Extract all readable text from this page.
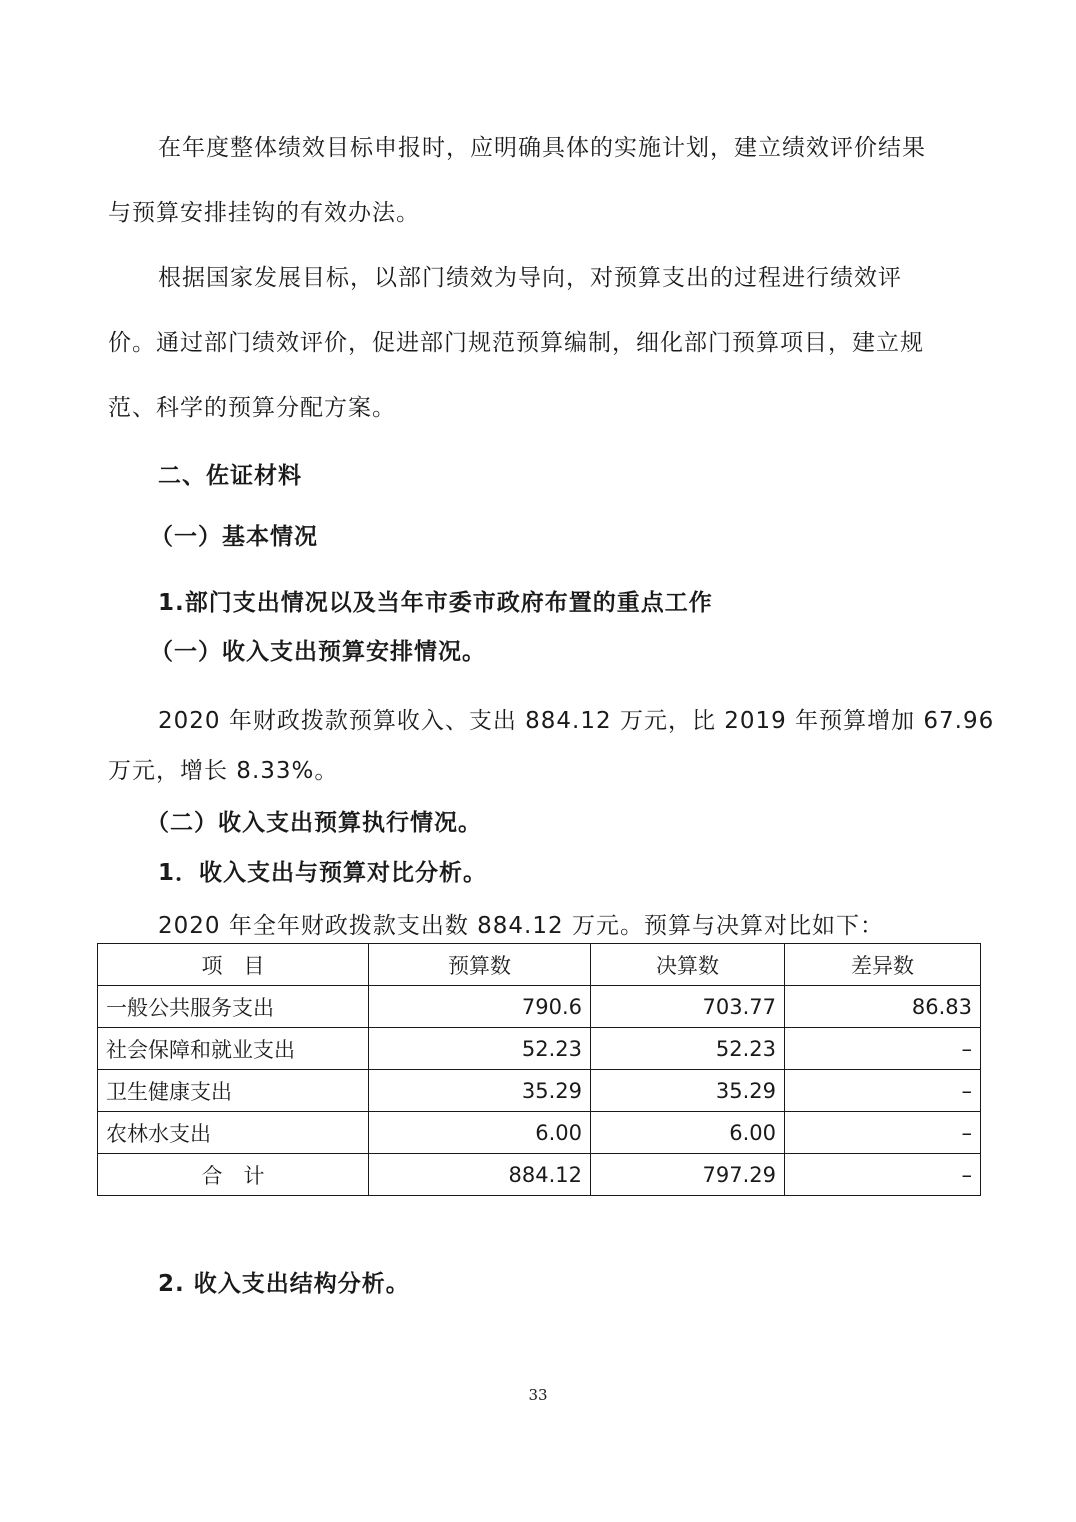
在年度整体绩效目标申报时，应明确具体的实施计划，建立绩效评价结果
与预算安排挂钩的有效办法。
根据国家发展目标，以部门绩效为导向，对预算支出的过程进行绩效评
价。通过部门绩效评价，促进部门规范预算编制，细化部门预算项目，建立规
范、科学的预算分配方案。
二、佐证材料
（一）基本情况
1.部门支出情况以及当年市委市政府布置的重点工作
（一）收入支出预算安排情况。
2020 年财政拨款预算收入、支出 884.12 万元，比 2019 年预算增加 67.96
万元，增长 8.33%。
（二）收入支出预算执行情况。
1．收入支出与预算对比分析。
2020 年全年财政拨款支出数 884.12 万元。预算与决算对比如下：
项　目	预算数	决算数	差异数
一般公共服务支出	790.6	703.77	86.83
社会保障和就业支出	52.23	52.23	–
卫生健康支出	35.29	35.29	–
农林水支出	6.00	6.00	–
合　计	884.12	797.29	–
2. 收入支出结构分析。
33
